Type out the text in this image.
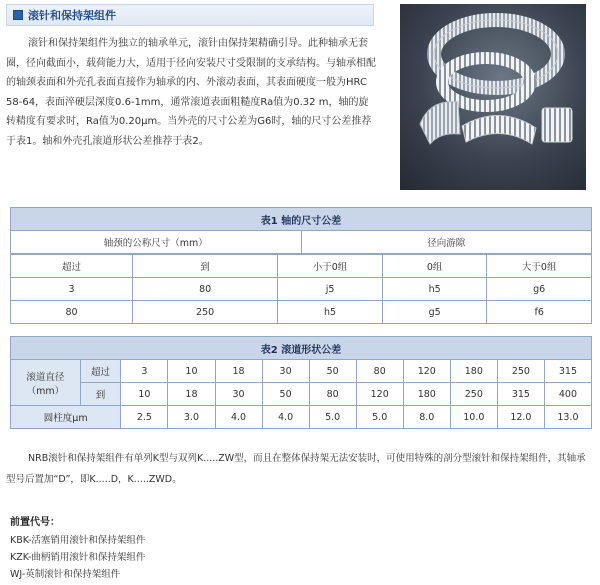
滚针和保持架组件

滚针和保持架组件为独立的轴承单元，滚针由保持架精确引导。此种轴承无套圈，径向截面小，载荷能力大，适用于径向安装尺寸受限制的支承结构。与轴承相配的轴颈表面和外壳孔表面直接作为轴承的内、外滚动表面，其表面硬度一般为HRC 58-64，表面淬硬层深度0.6-1mm，通常滚道表面粗糙度Ra值为0.32 m，轴的旋转精度有要求时，Ra值为0.20μm。当外壳的尺寸公差为G6时，轴的尺寸公差推荐于表1。轴和外壳孔滚道形状公差推荐于表2。

表1 轴的尺寸公差
轴颈的公称尺寸（mm）	径向游隙
超过	到	小于0组	0组	大于0组
3	80	j5	h5	g6
80	250	h5	g5	f6
表2 滚道形状公差											
滚道直径（mm）	超过	3	10	18	30	50	80	120	180	250	315
	到	10	18	30	50	80	120	180	250	315	400
圆柱度μm		2.5	3.0	4.0	4.0	5.0	5.0	8.0	10.0	12.0	13.0

NRB滚针和保持架组件有单列K型与双列K.....ZW型，而且在整体保持架无法安装时，可使用特殊的剖分型滚针和保持架组件，其轴承型号后置加“D”，即K.....D，K.....ZWD。

前置代号：
KBK-活塞销用滚针和保持架组件
KZK-曲柄销用滚针和保持架组件
WJ-英制滚针和保持架组件
